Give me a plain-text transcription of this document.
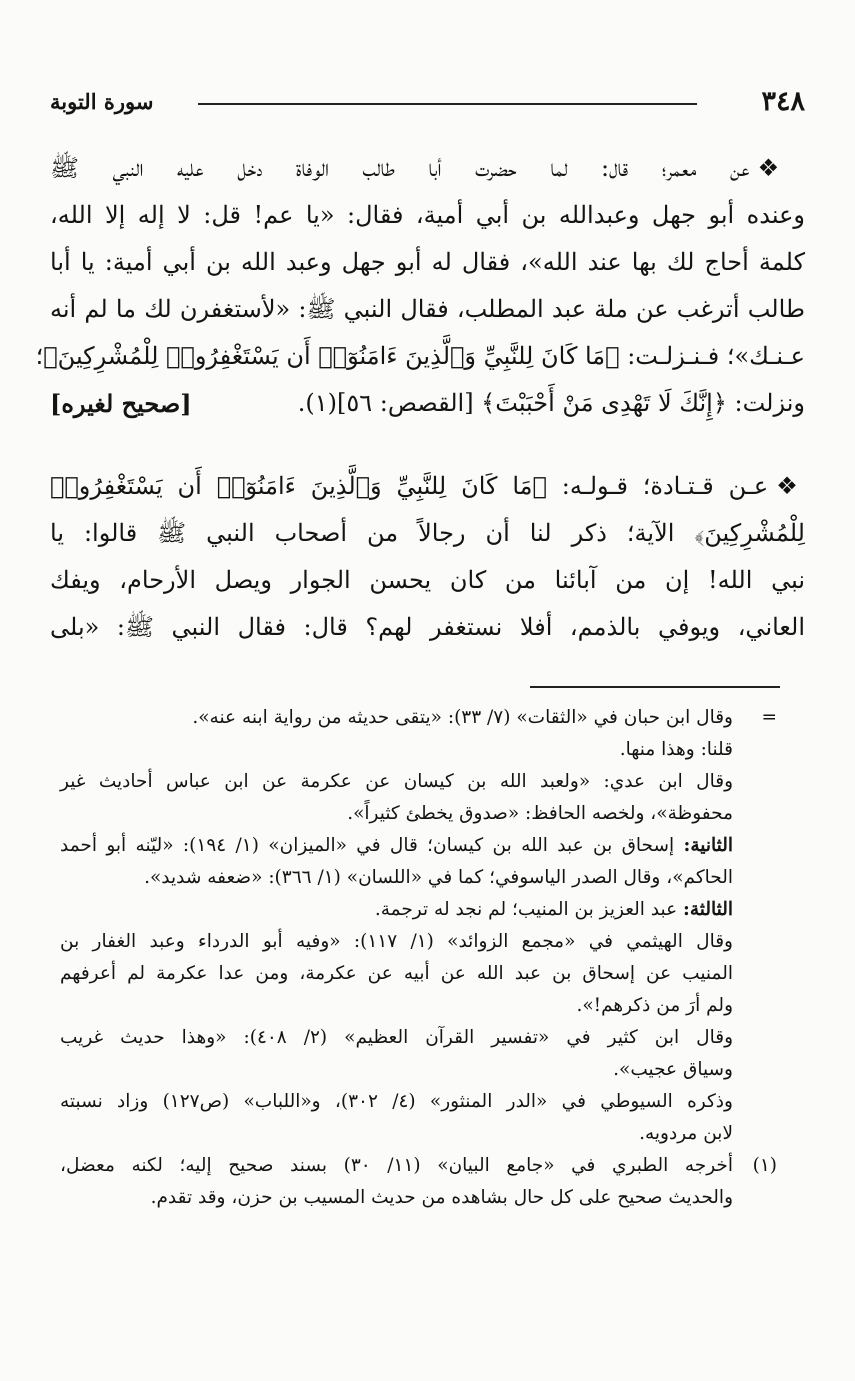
٣٤٨
سورة التوبة
❖عن معمر؛ قال: لما حضرت أبا طالب الوفاة دخل عليه النبي ﷺ
وعنده أبو جهل وعبدالله بن أبي أمية، فقال: «يا عم! قل: لا إله إلا الله،
كلمة أحاج لك بها عند الله»، فقال له أبو جهل وعبد الله بن أبي أمية: يا أبا
طالب أترغب عن ملة عبد المطلب، فقال النبي ﷺ: «لأستغفرن لك ما لم أنه
عـنـك»؛ فـنـزلـت: ﴿مَا كَانَ لِلنَّبِيِّ وَٱلَّذِينَ ءَامَنُوٓا۟ أَن يَسْتَغْفِرُوا۟ لِلْمُشْرِكِينَ﴾؛
ونزلت: ﴿إِنَّكَ لَا تَهْدِى مَنْ أَحْبَبْتَ﴾ [القصص: ٥٦](١).
[صحيح لغيره]
❖عـن قـتـادة؛ قـولـه: ﴿مَا كَانَ لِلنَّبِيِّ وَٱلَّذِينَ ءَامَنُوٓا۟ أَن يَسْتَغْفِرُوا۟
لِلْمُشْرِكِينَ﴾ الآية؛ ذكر لنا أن رجالاً من أصحاب النبي ﷺ قالوا: يا
نبي الله! إن من آبائنا من كان يحسن الجوار ويصل الأرحام، ويفك
العاني، ويوفي بالذمم، أفلا نستغفر لهم؟ قال: فقال النبي ﷺ: «بلى
=
وقال ابن حبان في «الثقات» (٧/ ٣٣): «يتقى حديثه من رواية ابنه عنه».
قلنا: وهذا منها.
وقال ابن عدي: «ولعبد الله بن كيسان عن عكرمة عن ابن عباس أحاديث غير
محفوظة»، ولخصه الحافظ: «صدوق يخطئ كثيراً».
الثانية: إسحاق بن عبد الله بن كيسان؛ قال في «الميزان» (١/ ١٩٤): «ليّنه أبو أحمد
الحاكم»، وقال الصدر الياسوفي؛ كما في «اللسان» (١/ ٣٦٦): «ضعفه شديد».
الثالثة: عبد العزيز بن المنيب؛ لم نجد له ترجمة.
وقال الهيثمي في «مجمع الزوائد» (١/ ١١٧): «وفيه أبو الدرداء وعبد الغفار بن
المنيب عن إسحاق بن عبد الله عن أبيه عن عكرمة، ومن عدا عكرمة لم أعرفهم
ولم أرَ من ذكرهم!».
وقال ابن كثير في «تفسير القرآن العظيم» (٢/ ٤٠٨): «وهذا حديث غريب
وسياق عجيب».
وذكره السيوطي في «الدر المنثور» (٤/ ٣٠٢)، و«اللباب» (ص١٢٧) وزاد نسبته
لابن مردويه.
(١)
أخرجه الطبري في «جامع البيان» (١١/ ٣٠) بسند صحيح إليه؛ لكنه معضل،
والحديث صحيح على كل حال بشاهده من حديث المسيب بن حزن، وقد تقدم.
